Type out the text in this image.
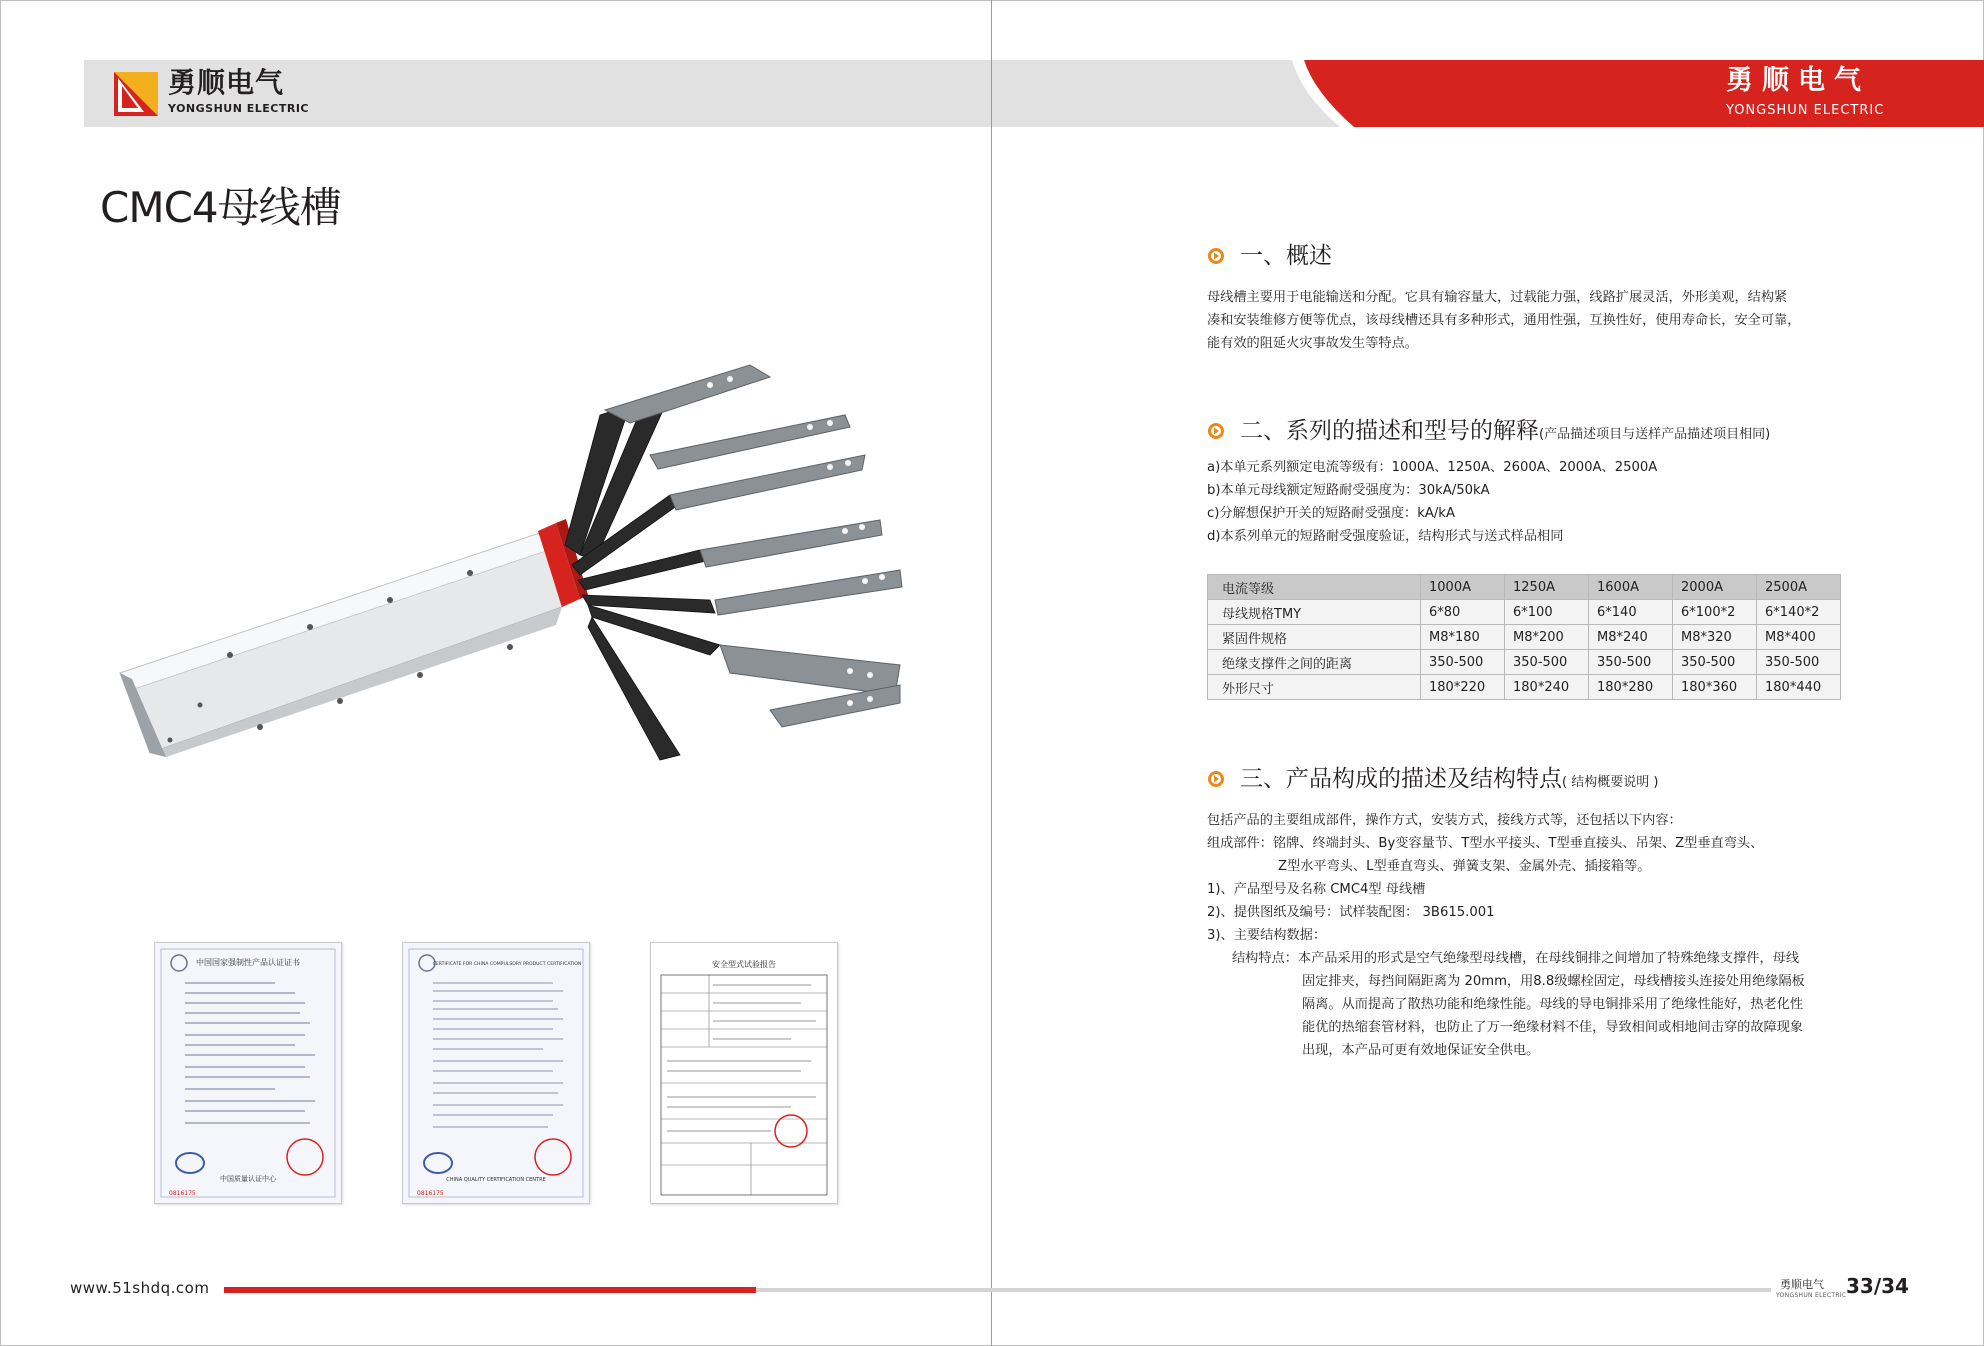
勇顺电气
YONGSHUN ELECTRIC
勇顺电气
YONGSHUN ELECTRIC
CMC4母线槽
中国国家强制性产品认证证书
中国质量认证中心
0816175
CERTIFICATE FOR CHINA COMPULSORY PRODUCT CERTIFICATION
CHINA QUALITY CERTIFICATION CENTRE
0816175
安全型式试验报告
一、概述
母线槽主要用于电能输送和分配。它具有输容量大，过载能力强，线路扩展灵活，外形美观，结构紧
凑和安装维修方便等优点，该母线槽还具有多种形式，通用性强，互换性好，使用寿命长，安全可靠，
能有效的阻延火灾事故发生等特点。
二、系列的描述和型号的解释(产品描述项目与送样产品描述项目相同)
a)本单元系列额定电流等级有：1000A、1250A、2600A、2000A、2500A
b)本单元母线额定短路耐受强度为：30kA/50kA
c)分解想保护开关的短路耐受强度：kA/kA
d)本系列单元的短路耐受强度验证，结构形式与送式样品相同
电流等级	1000A	1250A	1600A	2000A	2500A
母线规格TMY	6*80	6*100	6*140	6*100*2	6*140*2
紧固件规格	M8*180	M8*200	M8*240	M8*320	M8*400
绝缘支撑件之间的距离	350-500	350-500	350-500	350-500	350-500
外形尺寸	180*220	180*240	180*280	180*360	180*440
三、产品构成的描述及结构特点( 结构概要说明 )
包括产品的主要组成部件，操作方式，安装方式，接线方式等，还包括以下内容：
组成部件：铭牌、终端封头、By变容量节、T型水平接头、T型垂直接头、吊架、Z型垂直弯头、
Z型水平弯头、L型垂直弯头、弹簧支架、金属外壳、插接箱等。
1)、产品型号及名称 CMC4型 母线槽
2)、提供图纸及编号：试样装配图： 3B615.001
3)、主要结构数据：
结构特点：本产品采用的形式是空气绝缘型母线槽，在母线铜排之间增加了特殊绝缘支撑件，母线
固定排夹，每挡间隔距离为 20mm，用8.8级螺栓固定，母线槽接头连接处用绝缘隔板
隔离。从而提高了散热功能和绝缘性能。母线的导电铜排采用了绝缘性能好，热老化性
能优的热缩套管材料，也防止了万一绝缘材料不佳，导致相间或相地间击穿的故障现象
出现，本产品可更有效地保证安全供电。
www.51shdq.com	勇顺电气
YONGSHUN ELECTRIC 33/34
